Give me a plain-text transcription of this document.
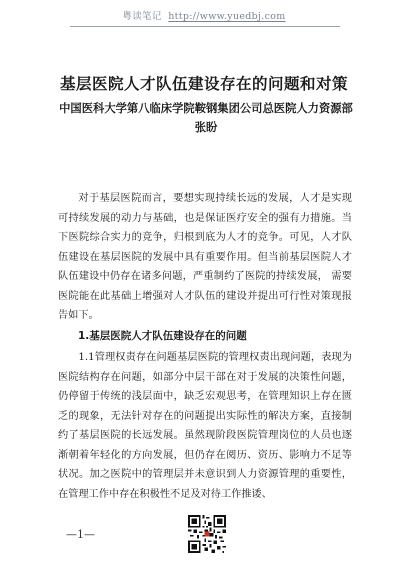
粤读笔记 http://www.yuedbj.com
基层医院人才队伍建设存在的问题和对策
中国医科大学第八临床学院鞍钢集团公司总医院人力资源部 张盼
对于基层医院而言，要想实现持续长远的发展，人才是实现可持续发展的动力与基础，也是保证医疗安全的强有力措施。当下医院综合实力的竞争，归根到底为人才的竞争。可见，人才队伍建设在基层医院的发展中具有重要作用。但当前基层医院人才队伍建设中仍存在诸多问题，严重制约了医院的持续发展， 需要医院能在此基础上增强对人才队伍的建设并提出可行性对策现报告如下。
1.基层医院人才队伍建设存在的问题
1.1管理权责存在问题基层医院的管理权责出现问题，表现为医院结构存在问题，如部分中层干部在对于发展的决策性问题，仍停留于传统的浅层面中，缺乏宏观思考，在管理知识上存在匮乏的现象，无法针对存在的问题提出实际性的解决方案，直接制约了基层医院的长远发展。虽然现阶段医院管理岗位的人员也逐渐朝着年轻化的方向发展，但仍存在阅历、资历、影响力不足等状况。加之医院中的管理层并未意识到人力资源管理的重要性， 在管理工作中存在积极性不足及对待工作推诿、
—1—
